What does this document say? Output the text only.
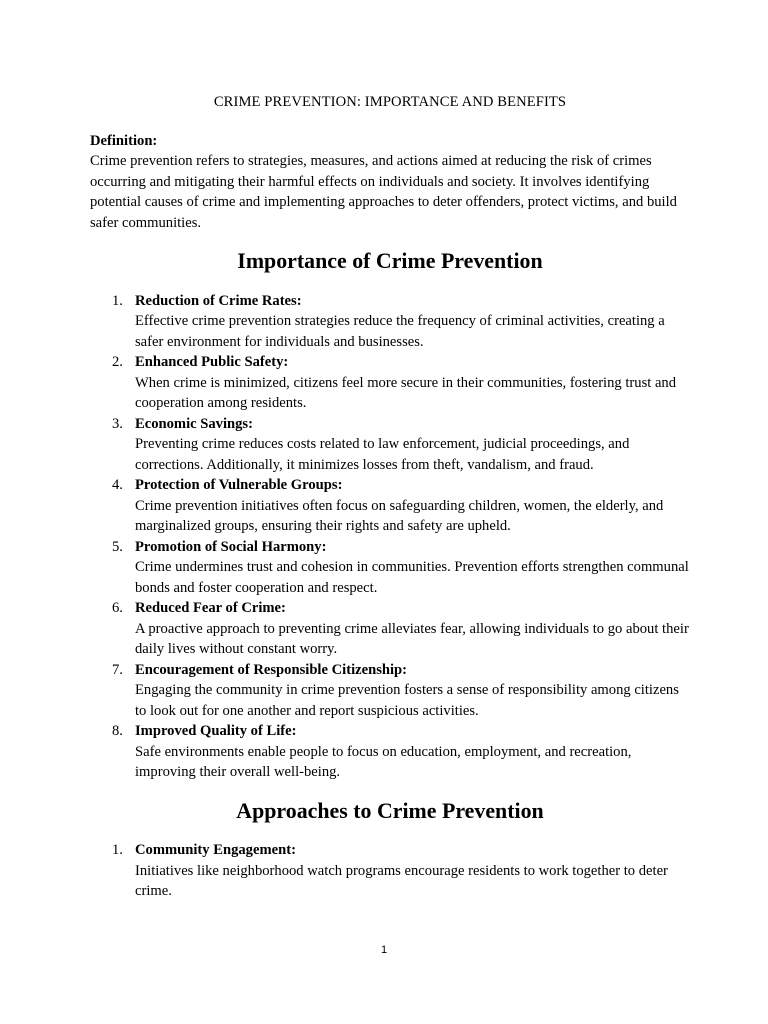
CRIME PREVENTION: IMPORTANCE AND BENEFITS

Definition:

Crime prevention refers to strategies, measures, and actions aimed at reducing the risk of crimes occurring and mitigating their harmful effects on individuals and society. It involves identifying potential causes of crime and implementing approaches to deter offenders, protect victims, and build safer communities.

Importance of Crime Prevention
1. Reduction of Crime Rates:
Effective crime prevention strategies reduce the frequency of criminal activities, creating a safer environment for individuals and businesses.
2. Enhanced Public Safety:
When crime is minimized, citizens feel more secure in their communities, fostering trust and cooperation among residents.
3. Economic Savings:
Preventing crime reduces costs related to law enforcement, judicial proceedings, and corrections. Additionally, it minimizes losses from theft, vandalism, and fraud.
4. Protection of Vulnerable Groups:
Crime prevention initiatives often focus on safeguarding children, women, the elderly, and marginalized groups, ensuring their rights and safety are upheld.
5. Promotion of Social Harmony:
Crime undermines trust and cohesion in communities. Prevention efforts strengthen communal bonds and foster cooperation and respect.
6. Reduced Fear of Crime:
A proactive approach to preventing crime alleviates fear, allowing individuals to go about their daily lives without constant worry.
7. Encouragement of Responsible Citizenship:
Engaging the community in crime prevention fosters a sense of responsibility among citizens to look out for one another and report suspicious activities.
8. Improved Quality of Life:
Safe environments enable people to focus on education, employment, and recreation, improving their overall well-being.
Approaches to Crime Prevention
1. Community Engagement:
Initiatives like neighborhood watch programs encourage residents to work together to deter crime.
1
